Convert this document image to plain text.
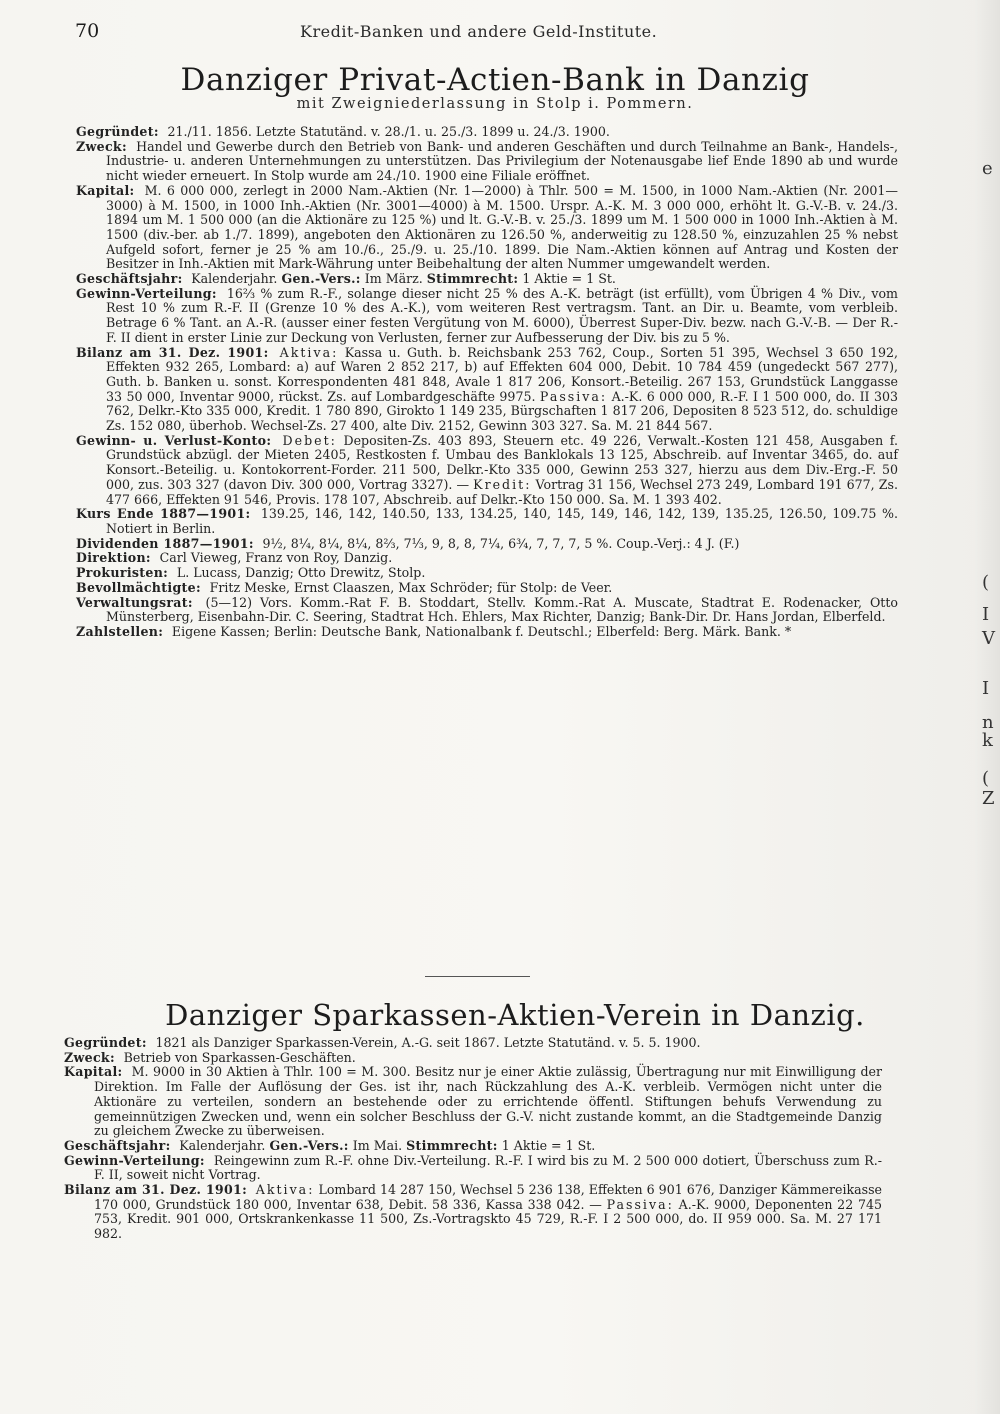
70	Kredit-Banken und andere Geld-Institute.
Danziger Privat-Actien-Bank in Danzig
mit Zweigniederlassung in Stolp i. Pommern.

Gegründet: 21./11. 1856. Letzte Statutänd. v. 28./1. u. 25./3. 1899 u. 24./3. 1900.

Zweck: Handel und Gewerbe durch den Betrieb von Bank- und anderen Geschäften und durch Teilnahme an Bank-, Handels-, Industrie- u. anderen Unternehmungen zu unterstützen. Das Privilegium der Notenausgabe lief Ende 1890 ab und wurde nicht wieder erneuert. In Stolp wurde am 24./10. 1900 eine Filiale eröffnet.

Kapital: M. 6 000 000, zerlegt in 2000 Nam.-Aktien (Nr. 1—2000) à Thlr. 500 = M. 1500, in 1000 Nam.-Aktien (Nr. 2001—3000) à M. 1500, in 1000 Inh.-Aktien (Nr. 3001—4000) à M. 1500. Urspr. A.-K. M. 3 000 000, erhöht lt. G.-V.-B. v. 24./3. 1894 um M. 1 500 000 (an die Aktionäre zu 125 %) und lt. G.-V.-B. v. 25./3. 1899 um M. 1 500 000 in 1000 Inh.-Aktien à M. 1500 (div.-ber. ab 1./7. 1899), angeboten den Aktionären zu 126.50 %, anderweitig zu 128.50 %, einzuzahlen 25 % nebst Aufgeld sofort, ferner je 25 % am 10./6., 25./9. u. 25./10. 1899. Die Nam.-Aktien können auf Antrag und Kosten der Besitzer in Inh.-Aktien mit Mark-Währung unter Beibehaltung der alten Nummer umgewandelt werden.

Geschäftsjahr: Kalenderjahr. Gen.-Vers.: Im März. Stimmrecht: 1 Aktie = 1 St.

Gewinn-Verteilung: 16⅔ % zum R.-F., solange dieser nicht 25 % des A.-K. beträgt (ist erfüllt), vom Übrigen 4 % Div., vom Rest 10 % zum R.-F. II (Grenze 10 % des A.-K.), vom weiteren Rest vertragsm. Tant. an Dir. u. Beamte, vom verbleib. Betrage 6 % Tant. an A.-R. (ausser einer festen Vergütung von M. 6000), Überrest Super-Div. bezw. nach G.-V.-B. — Der R.-F. II dient in erster Linie zur Deckung von Verlusten, ferner zur Aufbesserung der Div. bis zu 5 %.

Bilanz am 31. Dez. 1901: Aktiva: Kassa u. Guth. b. Reichsbank 253 762, Coup., Sorten 51 395, Wechsel 3 650 192, Effekten 932 265, Lombard: a) auf Waren 2 852 217, b) auf Effekten 604 000, Debit. 10 784 459 (ungedeckt 567 277), Guth. b. Banken u. sonst. Korrespondenten 481 848, Avale 1 817 206, Konsort.-Beteilig. 267 153, Grundstück Langgasse 33 50 000, Inventar 9000, rückst. Zs. auf Lombardgeschäfte 9975. Passiva: A.-K. 6 000 000, R.-F. I 1 500 000, do. II 303 762, Delkr.-Kto 335 000, Kredit. 1 780 890, Girokto 1 149 235, Bürgschaften 1 817 206, Depositen 8 523 512, do. schuldige Zs. 152 080, überhob. Wechsel-Zs. 27 400, alte Div. 2152, Gewinn 303 327. Sa. M. 21 844 567.

Gewinn- u. Verlust-Konto: Debet: Depositen-Zs. 403 893, Steuern etc. 49 226, Verwalt.-Kosten 121 458, Ausgaben f. Grundstück abzügl. der Mieten 2405, Restkosten f. Umbau des Banklokals 13 125, Abschreib. auf Inventar 3465, do. auf Konsort.-Beteilig. u. Kontokorrent-Forder. 211 500, Delkr.-Kto 335 000, Gewinn 253 327, hierzu aus dem Div.-Erg.-F. 50 000, zus. 303 327 (davon Div. 300 000, Vortrag 3327). — Kredit: Vortrag 31 156, Wechsel 273 249, Lombard 191 677, Zs. 477 666, Effekten 91 546, Provis. 178 107, Abschreib. auf Delkr.-Kto 150 000. Sa. M. 1 393 402.

Kurs Ende 1887—1901: 139.25, 146, 142, 140.50, 133, 134.25, 140, 145, 149, 146, 142, 139, 135.25, 126.50, 109.75 %. Notiert in Berlin.

Dividenden 1887—1901: 9½, 8¼, 8¼, 8¼, 8⅔, 7⅓, 9, 8, 8, 7¼, 6¾, 7, 7, 7, 5 %. Coup.-Verj.: 4 J. (F.)

Direktion: Carl Vieweg, Franz von Roy, Danzig.

Prokuristen: L. Lucass, Danzig; Otto Drewitz, Stolp.

Bevollmächtigte: Fritz Meske, Ernst Claaszen, Max Schröder; für Stolp: de Veer.

Verwaltungsrat: (5—12) Vors. Komm.-Rat F. B. Stoddart, Stellv. Komm.-Rat A. Muscate, Stadtrat E. Rodenacker, Otto Münsterberg, Eisenbahn-Dir. C. Seering, Stadtrat Hch. Ehlers, Max Richter, Danzig; Bank-Dir. Dr. Hans Jordan, Elberfeld.

Zahlstellen: Eigene Kassen; Berlin: Deutsche Bank, Nationalbank f. Deutschl.; Elberfeld: Berg. Märk. Bank. *

Danziger Sparkassen-Aktien-Verein in Danzig.

Gegründet: 1821 als Danziger Sparkassen-Verein, A.-G. seit 1867. Letzte Statutänd. v. 5. 5. 1900.

Zweck: Betrieb von Sparkassen-Geschäften.

Kapital: M. 9000 in 30 Aktien à Thlr. 100 = M. 300. Besitz nur je einer Aktie zulässig, Übertragung nur mit Einwilligung der Direktion. Im Falle der Auflösung der Ges. ist ihr, nach Rückzahlung des A.-K. verbleib. Vermögen nicht unter die Aktionäre zu verteilen, sondern an bestehende oder zu errichtende öffentl. Stiftungen behufs Verwendung zu gemeinnützigen Zwecken und, wenn ein solcher Beschluss der G.-V. nicht zustande kommt, an die Stadtgemeinde Danzig zu gleichem Zwecke zu überweisen.

Geschäftsjahr: Kalenderjahr. Gen.-Vers.: Im Mai. Stimmrecht: 1 Aktie = 1 St.

Gewinn-Verteilung: Reingewinn zum R.-F. ohne Div.-Verteilung. R.-F. I wird bis zu M. 2 500 000 dotiert, Überschuss zum R.-F. II, soweit nicht Vortrag.

Bilanz am 31. Dez. 1901: Aktiva: Lombard 14 287 150, Wechsel 5 236 138, Effekten 6 901 676, Danziger Kämmereikasse 170 000, Grundstück 180 000, Inventar 638, Debit. 58 336, Kassa 338 042. — Passiva: A.-K. 9000, Deponenten 22 745 753, Kredit. 901 000, Ortskrankenkasse 11 500, Zs.-Vortragskto 45 729, R.-F. I 2 500 000, do. II 959 000. Sa. M. 27 171 982.

e
(
I
V
I
n
k
(
Z
